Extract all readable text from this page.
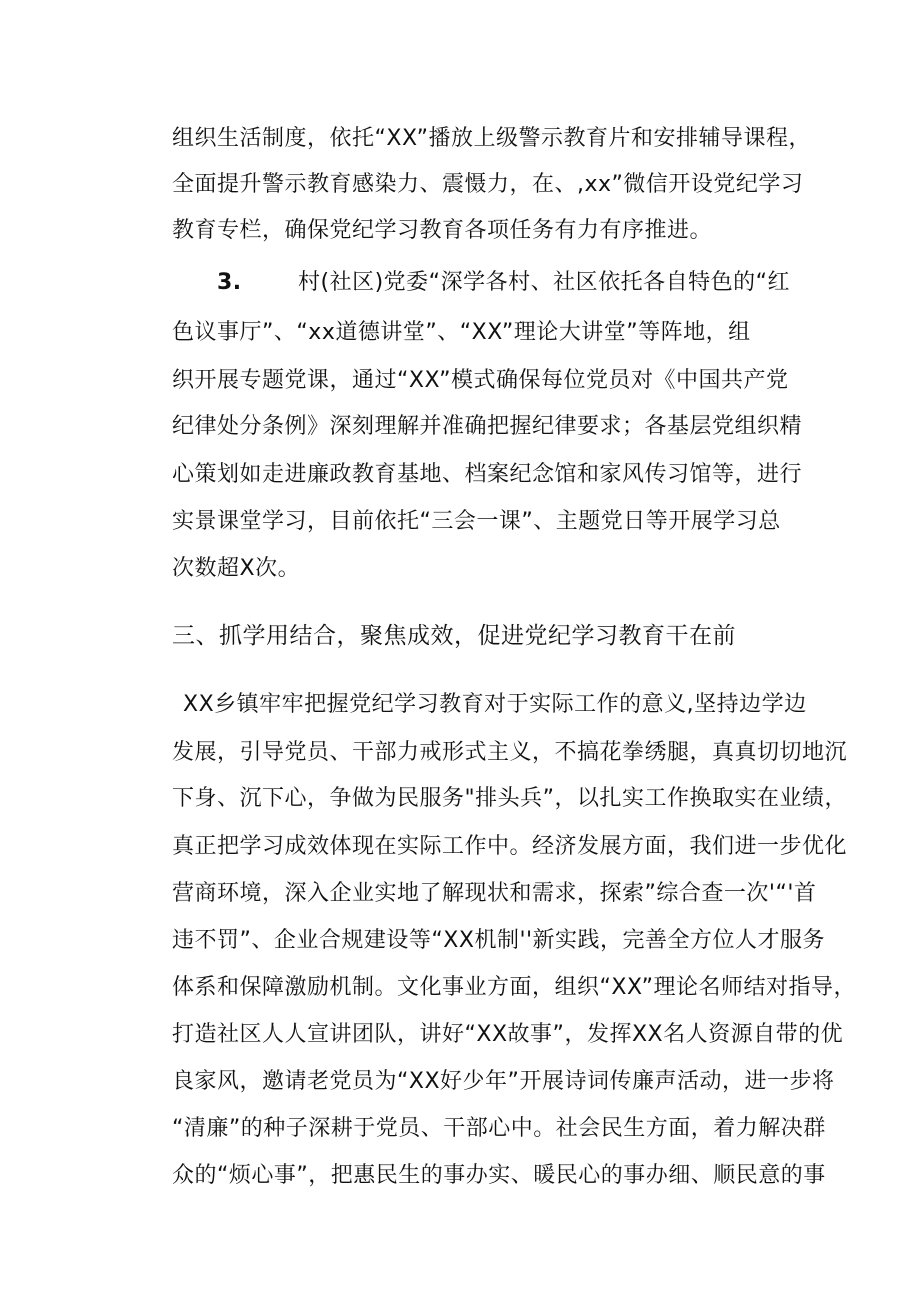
组织生活制度，依托“XX”播放上级警示教育片和安排辅导课程，
全面提升警示教育感染力、震慑力，在、,xx”微信开设党纪学习
教育专栏，确保党纪学习教育各项任务有力有序推进。
3.	村(社区)党委“深学各村、社区依托各自特色的“红
色议事厅”、“xx道德讲堂”、“XX”理论大讲堂”等阵地，组
织开展专题党课，通过“XX”模式确保每位党员对《中国共产党
纪律处分条例》深刻理解并准确把握纪律要求；各基层党组织精
心策划如走进廉政教育基地、档案纪念馆和家风传习馆等，进行
实景课堂学习，目前依托“三会一课”、主题党日等开展学习总
次数超X次。
三、抓学用结合，聚焦成效，促进党纪学习教育干在前
XX乡镇牢牢把握党纪学习教育对于实际工作的意义,坚持边学边
发展，引导党员、干部力戒形式主义，不搞花拳绣腿，真真切切地沉
下身、沉下心，争做为民服务"排头兵”，以扎实工作换取实在业绩，
真正把学习成效体现在实际工作中。经济发展方面，我们进一步优化
营商环境，深入企业实地了解现状和需求，探索”综合查一次'“'首
违不罚”、企业合规建设等“XX机制''新实践，完善全方位人才服务
体系和保障激励机制。文化事业方面，组织“XX”理论名师结对指导，
打造社区人人宣讲团队，讲好“XX故事”，发挥XX名人资源自带的优
良家风，邀请老党员为“XX好少年”开展诗词传廉声活动，进一步将
“清廉”的种子深耕于党员、干部心中。社会民生方面，着力解决群
众的“烦心事”，把惠民生的事办实、暖民心的事办细、顺民意的事
